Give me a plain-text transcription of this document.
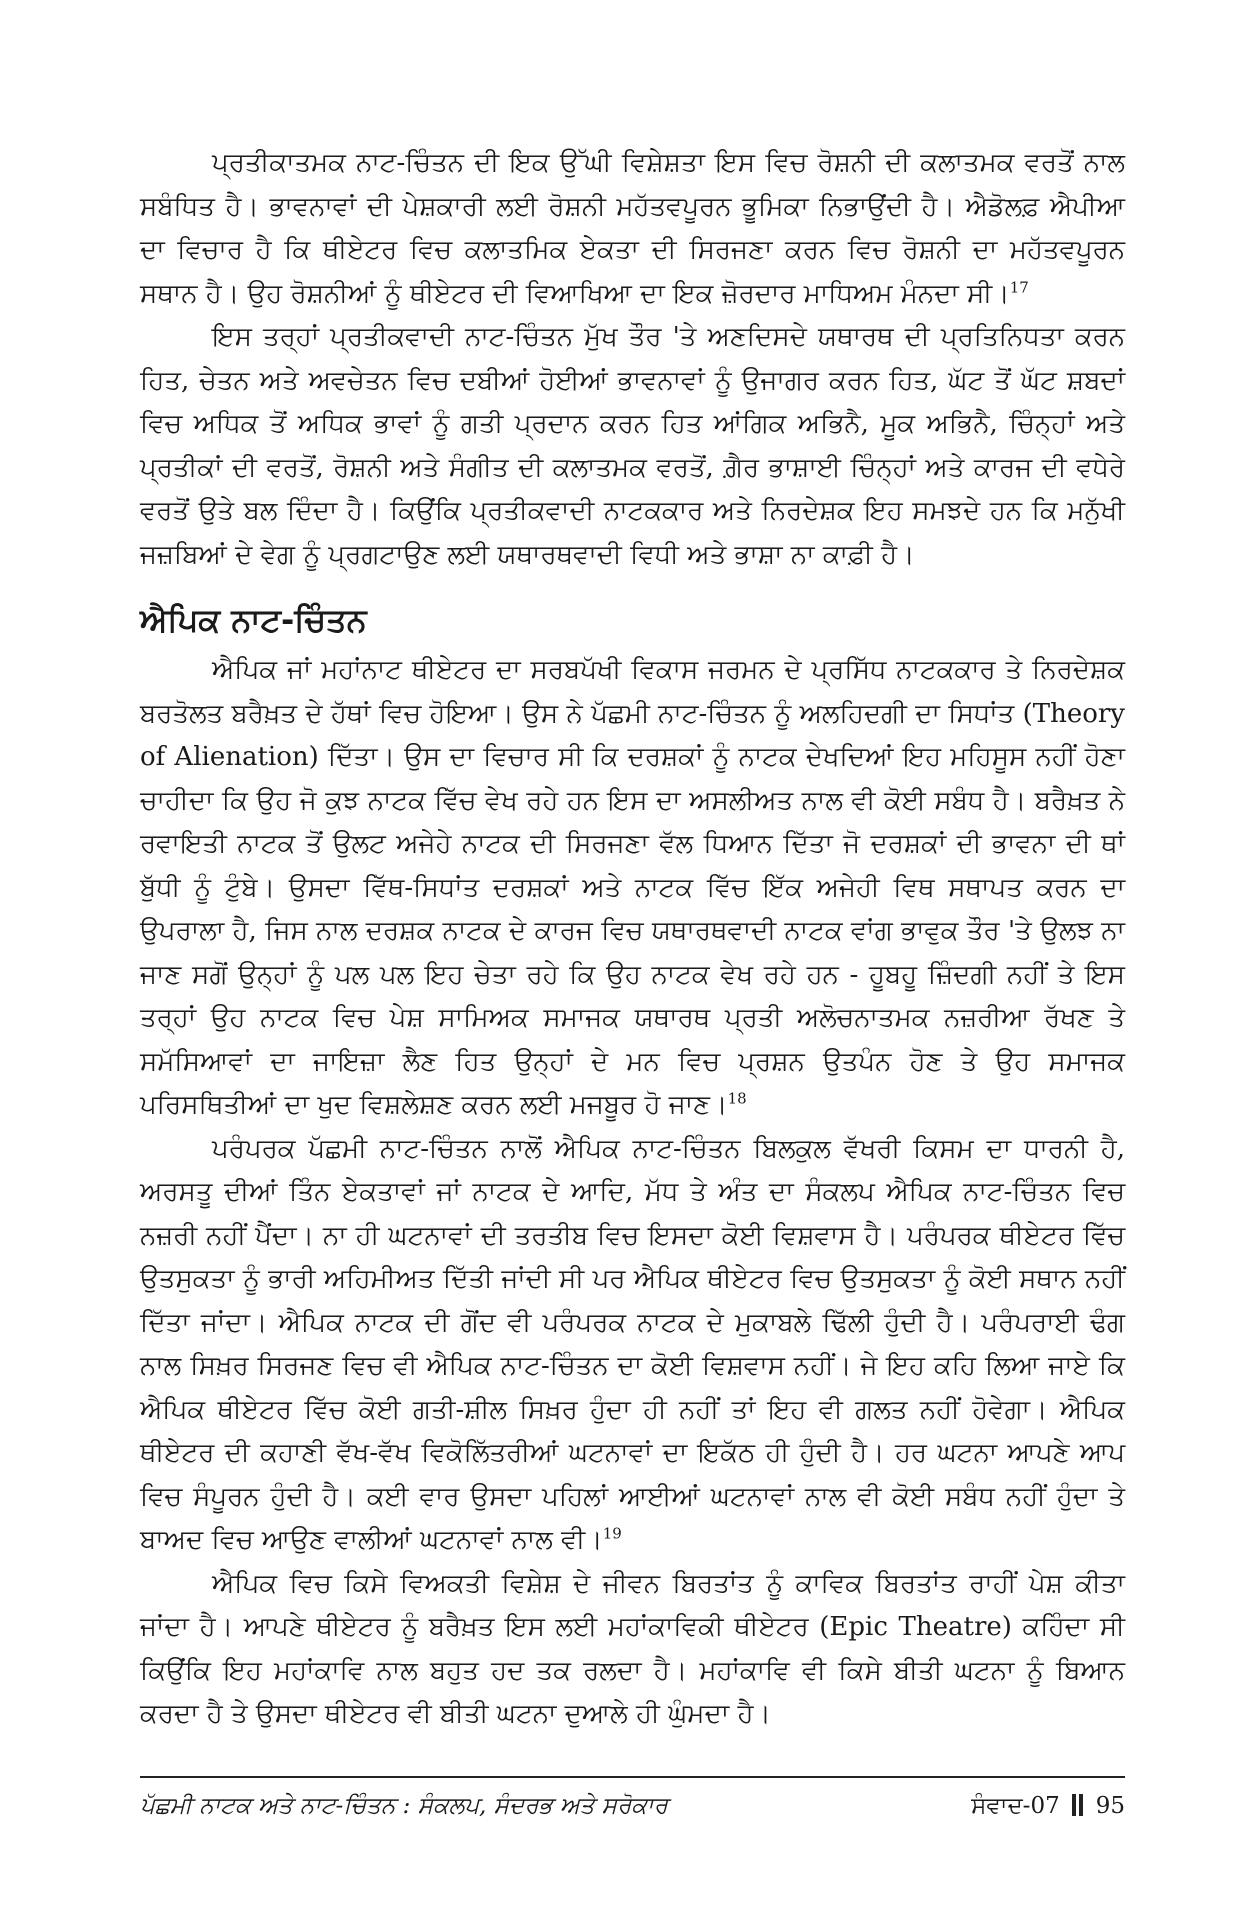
ਪ੍ਰਤੀਕਾਤਮਕ ਨਾਟ-ਚਿੰਤਨ ਦੀ ਇਕ ਉੱਘੀ ਵਿਸ਼ੇਸ਼ਤਾ ਇਸ ਵਿਚ ਰੋਸ਼ਨੀ ਦੀ ਕਲਾਤਮਕ ਵਰਤੋਂ ਨਾਲ ਸਬੰਧਿਤ ਹੈ। ਭਾਵਨਾਵਾਂ ਦੀ ਪੇਸ਼ਕਾਰੀ ਲਈ ਰੋਸ਼ਨੀ ਮਹੱਤਵਪੂਰਨ ਭੂਮਿਕਾ ਨਿਭਾਉਂਦੀ ਹੈ। ਐਡੋਲਫ਼ ਐਪੀਆ ਦਾ ਵਿਚਾਰ ਹੈ ਕਿ ਥੀਏਟਰ ਵਿਚ ਕਲਾਤਮਿਕ ਏਕਤਾ ਦੀ ਸਿਰਜਣਾ ਕਰਨ ਵਿਚ ਰੋਸ਼ਨੀ ਦਾ ਮਹੱਤਵਪੂਰਨ ਸਥਾਨ ਹੈ। ਉਹ ਰੋਸ਼ਨੀਆਂ ਨੂੰ ਥੀਏਟਰ ਦੀ ਵਿਆਖਿਆ ਦਾ ਇਕ ਜ਼ੋਰਦਾਰ ਮਾਧਿਅਮ ਮੰਨਦਾ ਸੀ।$^{17}$

ਇਸ ਤਰ੍ਹਾਂ ਪ੍ਰਤੀਕਵਾਦੀ ਨਾਟ-ਚਿੰਤਨ ਮੁੱਖ ਤੌਰ 'ਤੇ ਅਣਦਿਸਦੇ ਯਥਾਰਥ ਦੀ ਪ੍ਰਤਿਨਿਧਤਾ ਕਰਨ ਹਿਤ, ਚੇਤਨ ਅਤੇ ਅਵਚੇਤਨ ਵਿਚ ਦਬੀਆਂ ਹੋਈਆਂ ਭਾਵਨਾਵਾਂ ਨੂੰ ਉਜਾਗਰ ਕਰਨ ਹਿਤ, ਘੱਟ ਤੋਂ ਘੱਟ ਸ਼ਬਦਾਂ ਵਿਚ ਅਧਿਕ ਤੋਂ ਅਧਿਕ ਭਾਵਾਂ ਨੂੰ ਗਤੀ ਪ੍ਰਦਾਨ ਕਰਨ ਹਿਤ ਆਂਗਿਕ ਅਭਿਨੈ, ਮੂਕ ਅਭਿਨੈ, ਚਿੰਨ੍ਹਾਂ ਅਤੇ ਪ੍ਰਤੀਕਾਂ ਦੀ ਵਰਤੋਂ, ਰੋਸ਼ਨੀ ਅਤੇ ਸੰਗੀਤ ਦੀ ਕਲਾਤਮਕ ਵਰਤੋਂ, ਗ਼ੈਰ ਭਾਸ਼ਾਈ ਚਿੰਨ੍ਹਾਂ ਅਤੇ ਕਾਰਜ ਦੀ ਵਧੇਰੇ ਵਰਤੋਂ ਉਤੇ ਬਲ ਦਿੰਦਾ ਹੈ। ਕਿਉਂਕਿ ਪ੍ਰਤੀਕਵਾਦੀ ਨਾਟਕਕਾਰ ਅਤੇ ਨਿਰਦੇਸ਼ਕ ਇਹ ਸਮਝਦੇ ਹਨ ਕਿ ਮਨੁੱਖੀ ਜਜ਼ਬਿਆਂ ਦੇ ਵੇਗ ਨੂੰ ਪ੍ਰਗਟਾਉਣ ਲਈ ਯਥਾਰਥਵਾਦੀ ਵਿਧੀ ਅਤੇ ਭਾਸ਼ਾ ਨਾ ਕਾਫ਼ੀ ਹੈ।

ਐਪਿਕ ਨਾਟ-ਚਿੰਤਨ

ਐਪਿਕ ਜਾਂ ਮਹਾਂਨਾਟ ਥੀਏਟਰ ਦਾ ਸਰਬਪੱਖੀ ਵਿਕਾਸ ਜਰਮਨ ਦੇ ਪ੍ਰਸਿੱਧ ਨਾਟਕਕਾਰ ਤੇ ਨਿਰਦੇਸ਼ਕ ਬਰਤੋਲਤ ਬਰੈਖ਼ਤ ਦੇ ਹੱਥਾਂ ਵਿਚ ਹੋਇਆ। ਉਸ ਨੇ ਪੱਛਮੀ ਨਾਟ-ਚਿੰਤਨ ਨੂੰ ਅਲਹਿਦਗੀ ਦਾ ਸਿਧਾਂਤ (Theory of Alienation) ਦਿੱਤਾ। ਉਸ ਦਾ ਵਿਚਾਰ ਸੀ ਕਿ ਦਰਸ਼ਕਾਂ ਨੂੰ ਨਾਟਕ ਦੇਖਦਿਆਂ ਇਹ ਮਹਿਸੂਸ ਨਹੀਂ ਹੋਣਾ ਚਾਹੀਦਾ ਕਿ ਉਹ ਜੋ ਕੁਝ ਨਾਟਕ ਵਿੱਚ ਵੇਖ ਰਹੇ ਹਨ ਇਸ ਦਾ ਅਸਲੀਅਤ ਨਾਲ ਵੀ ਕੋਈ ਸਬੰਧ ਹੈ। ਬਰੈਖ਼ਤ ਨੇ ਰਵਾਇਤੀ ਨਾਟਕ ਤੋਂ ਉਲਟ ਅਜੇਹੇ ਨਾਟਕ ਦੀ ਸਿਰਜਣਾ ਵੱਲ ਧਿਆਨ ਦਿੱਤਾ ਜੋ ਦਰਸ਼ਕਾਂ ਦੀ ਭਾਵਨਾ ਦੀ ਥਾਂ ਬੁੱਧੀ ਨੂੰ ਟੁੰਬੇ। ਉਸਦਾ ਵਿੱਥ-ਸਿਧਾਂਤ ਦਰਸ਼ਕਾਂ ਅਤੇ ਨਾਟਕ ਵਿੱਚ ਇੱਕ ਅਜੇਹੀ ਵਿਥ ਸਥਾਪਤ ਕਰਨ ਦਾ ਉਪਰਾਲਾ ਹੈ, ਜਿਸ ਨਾਲ ਦਰਸ਼ਕ ਨਾਟਕ ਦੇ ਕਾਰਜ ਵਿਚ ਯਥਾਰਥਵਾਦੀ ਨਾਟਕ ਵਾਂਗ ਭਾਵੁਕ ਤੌਰ 'ਤੇ ਉਲਝ ਨਾ ਜਾਣ ਸਗੋਂ ਉਨ੍ਹਾਂ ਨੂੰ ਪਲ ਪਲ ਇਹ ਚੇਤਾ ਰਹੇ ਕਿ ਉਹ ਨਾਟਕ ਵੇਖ ਰਹੇ ਹਨ - ਹੂਬਹੂ ਜ਼ਿੰਦਗੀ ਨਹੀਂ ਤੇ ਇਸ ਤਰ੍ਹਾਂ ਉਹ ਨਾਟਕ ਵਿਚ ਪੇਸ਼ ਸਾਮਿਅਕ ਸਮਾਜਕ ਯਥਾਰਥ ਪ੍ਰਤੀ ਅਲੋਚਨਾਤਮਕ ਨਜ਼ਰੀਆ ਰੱਖਣ ਤੇ ਸਮੱਸਿਆਵਾਂ ਦਾ ਜਾਇਜ਼ਾ ਲੈਣ ਹਿਤ ਉਨ੍ਹਾਂ ਦੇ ਮਨ ਵਿਚ ਪ੍ਰਸ਼ਨ ਉਤਪੰਨ ਹੋਣ ਤੇ ਉਹ ਸਮਾਜਕ ਪਰਿਸਥਿਤੀਆਂ ਦਾ ਖੁਦ ਵਿਸ਼ਲੇਸ਼ਣ ਕਰਨ ਲਈ ਮਜਬੂਰ ਹੋ ਜਾਣ।$^{18}$

ਪਰੰਪਰਕ ਪੱਛਮੀ ਨਾਟ-ਚਿੰਤਨ ਨਾਲੋਂ ਐਪਿਕ ਨਾਟ-ਚਿੰਤਨ ਬਿਲਕੁਲ ਵੱਖਰੀ ਕਿਸਮ ਦਾ ਧਾਰਨੀ ਹੈ, ਅਰਸਤੂ ਦੀਆਂ ਤਿੰਨ ਏਕਤਾਵਾਂ ਜਾਂ ਨਾਟਕ ਦੇ ਆਦਿ, ਮੱਧ ਤੇ ਅੰਤ ਦਾ ਸੰਕਲਪ ਐਪਿਕ ਨਾਟ-ਚਿੰਤਨ ਵਿਚ ਨਜ਼ਰੀ ਨਹੀਂ ਪੈਂਦਾ। ਨਾ ਹੀ ਘਟਨਾਵਾਂ ਦੀ ਤਰਤੀਬ ਵਿਚ ਇਸਦਾ ਕੋਈ ਵਿਸ਼ਵਾਸ ਹੈ। ਪਰੰਪਰਕ ਥੀਏਟਰ ਵਿੱਚ ਉਤਸੁਕਤਾ ਨੂੰ ਭਾਰੀ ਅਹਿਮੀਅਤ ਦਿੱਤੀ ਜਾਂਦੀ ਸੀ ਪਰ ਐਪਿਕ ਥੀਏਟਰ ਵਿਚ ਉਤਸੁਕਤਾ ਨੂੰ ਕੋਈ ਸਥਾਨ ਨਹੀਂ ਦਿੱਤਾ ਜਾਂਦਾ। ਐਪਿਕ ਨਾਟਕ ਦੀ ਗੋਂਦ ਵੀ ਪਰੰਪਰਕ ਨਾਟਕ ਦੇ ਮੁਕਾਬਲੇ ਢਿੱਲੀ ਹੁੰਦੀ ਹੈ। ਪਰੰਪਰਾਈ ਢੰਗ ਨਾਲ ਸਿਖ਼ਰ ਸਿਰਜਣ ਵਿਚ ਵੀ ਐਪਿਕ ਨਾਟ-ਚਿੰਤਨ ਦਾ ਕੋਈ ਵਿਸ਼ਵਾਸ ਨਹੀਂ। ਜੇ ਇਹ ਕਹਿ ਲਿਆ ਜਾਏ ਕਿ ਐਪਿਕ ਥੀਏਟਰ ਵਿੱਚ ਕੋਈ ਗਤੀ-ਸ਼ੀਲ ਸਿਖ਼ਰ ਹੁੰਦਾ ਹੀ ਨਹੀਂ ਤਾਂ ਇਹ ਵੀ ਗਲਤ ਨਹੀਂ ਹੋਵੇਗਾ। ਐਪਿਕ ਥੀਏਟਰ ਦੀ ਕਹਾਣੀ ਵੱਖ-ਵੱਖ ਵਿਕੋਲਿੱਤਰੀਆਂ ਘਟਨਾਵਾਂ ਦਾ ਇਕੱਠ ਹੀ ਹੁੰਦੀ ਹੈ। ਹਰ ਘਟਨਾ ਆਪਣੇ ਆਪ ਵਿਚ ਸੰਪੂਰਨ ਹੁੰਦੀ ਹੈ। ਕਈ ਵਾਰ ਉਸਦਾ ਪਹਿਲਾਂ ਆਈਆਂ ਘਟਨਾਵਾਂ ਨਾਲ ਵੀ ਕੋਈ ਸਬੰਧ ਨਹੀਂ ਹੁੰਦਾ ਤੇ ਬਾਅਦ ਵਿਚ ਆਉਣ ਵਾਲੀਆਂ ਘਟਨਾਵਾਂ ਨਾਲ ਵੀ।$^{19}$

ਐਪਿਕ ਵਿਚ ਕਿਸੇ ਵਿਅਕਤੀ ਵਿਸ਼ੇਸ਼ ਦੇ ਜੀਵਨ ਬਿਰਤਾਂਤ ਨੂੰ ਕਾਵਿਕ ਬਿਰਤਾਂਤ ਰਾਹੀਂ ਪੇਸ਼ ਕੀਤਾ ਜਾਂਦਾ ਹੈ। ਆਪਣੇ ਥੀਏਟਰ ਨੂੰ ਬਰੈਖ਼ਤ ਇਸ ਲਈ ਮਹਾਂਕਾਵਿਕੀ ਥੀਏਟਰ (Epic Theatre) ਕਹਿੰਦਾ ਸੀ ਕਿਉਂਕਿ ਇਹ ਮਹਾਂਕਾਵਿ ਨਾਲ ਬਹੁਤ ਹਦ ਤਕ ਰਲਦਾ ਹੈ। ਮਹਾਂਕਾਵਿ ਵੀ ਕਿਸੇ ਬੀਤੀ ਘਟਨਾ ਨੂੰ ਬਿਆਨ ਕਰਦਾ ਹੈ ਤੇ ਉਸਦਾ ਥੀਏਟਰ ਵੀ ਬੀਤੀ ਘਟਨਾ ਦੁਆਲੇ ਹੀ ਘੁੰਮਦਾ ਹੈ।

ਪੱਛਮੀ ਨਾਟਕ ਅਤੇ ਨਾਟ-ਚਿੰਤਨ : ਸੰਕਲਪ, ਸੰਦਰਭ ਅਤੇ ਸਰੋਕਾਰ	ਸੰਵਾਦ-07 95
